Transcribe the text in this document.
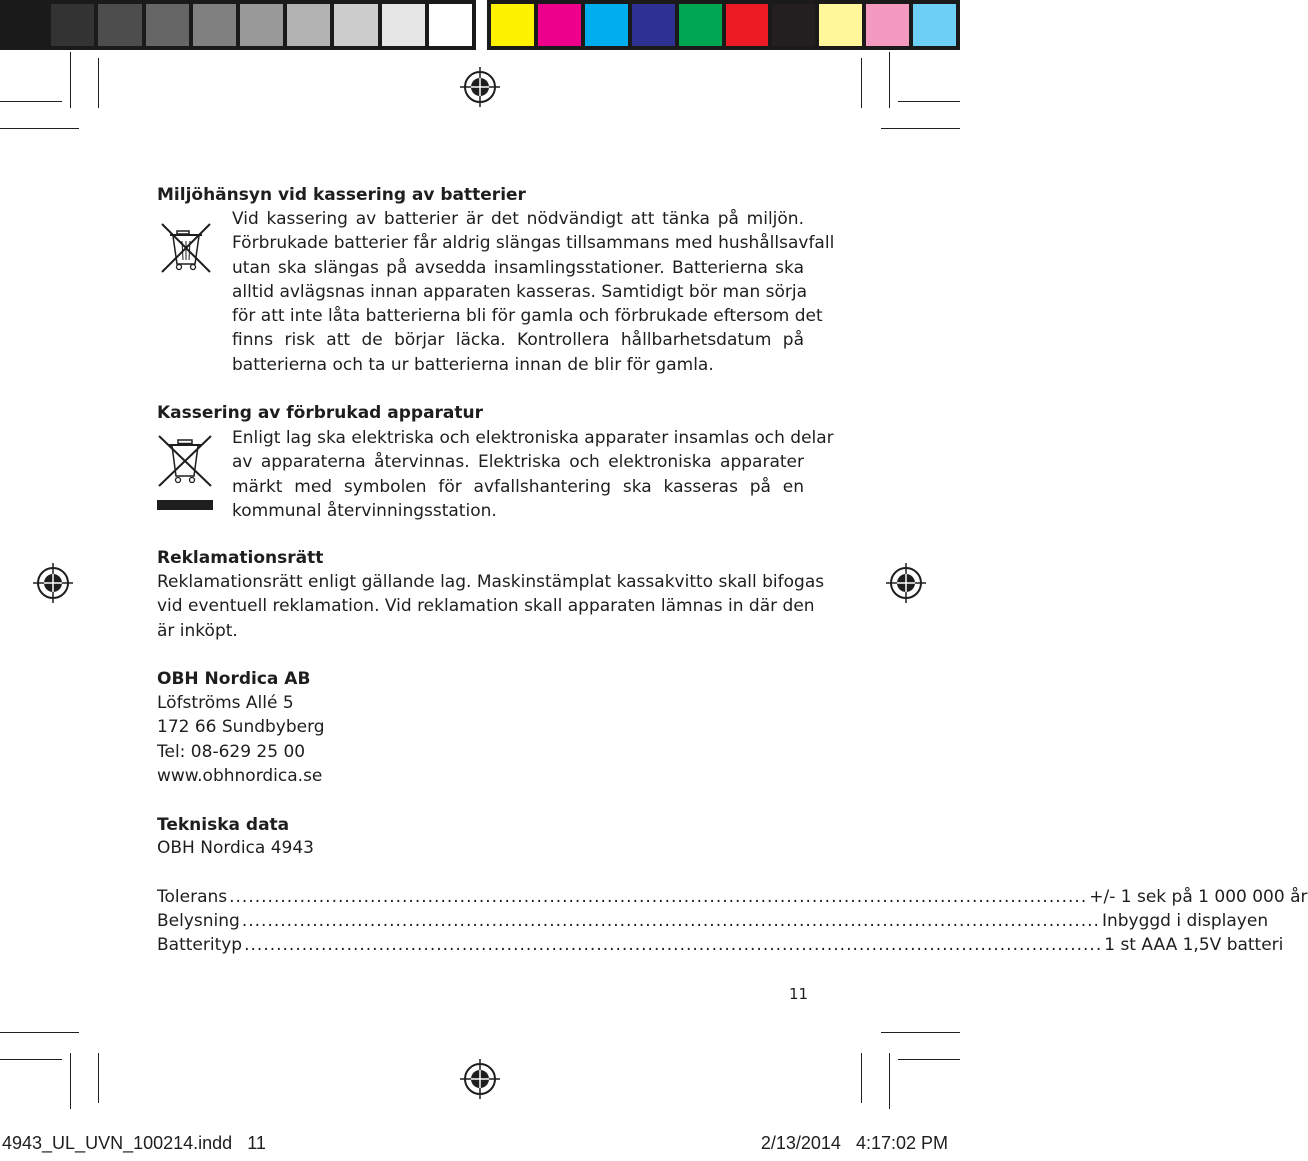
Miljöhänsyn vid kassering av batterier
Vid kassering av batterier är det nödvändigt att tänka på miljön.
Förbrukade batterier får aldrig slängas tillsammans med hushållsavfall
utan ska slängas på avsedda insamlingsstationer. Batterierna ska
alltid avlägsnas innan apparaten kasseras. Samtidigt bör man sörja
för att inte låta batterierna bli för gamla och förbrukade eftersom det
finns risk att de börjar läcka. Kontrollera hållbarhetsdatum på
batterierna och ta ur batterierna innan de blir för gamla.
Kassering av förbrukad apparatur
Enligt lag ska elektriska och elektroniska apparater insamlas och delar
av apparaterna återvinnas. Elektriska och elektroniska apparater
märkt med symbolen för avfallshantering ska kasseras på en
kommunal återvinningsstation.
Reklamationsrätt
Reklamationsrätt enligt gällande lag. Maskinstämplat kassakvitto skall bifogas
vid eventuell reklamation. Vid reklamation skall apparaten lämnas in där den
är inköpt.
OBH Nordica AB
Löfströms Allé 5
172 66 Sundbyberg
Tel: 08-629 25 00
www.obhnordica.se
Tekniska data
OBH Nordica 4943
Tolerans ...................................................................................................................................... +/- 1 sek på 1 000 000 år
Belysning ...................................................................................................................................... Inbyggd i displayen
Batterityp ...................................................................................................................................... 1 st AAA 1,5V batteri
11
4943_UL_UVN_100214.indd   11	2/13/2014   4:17:02 PM
